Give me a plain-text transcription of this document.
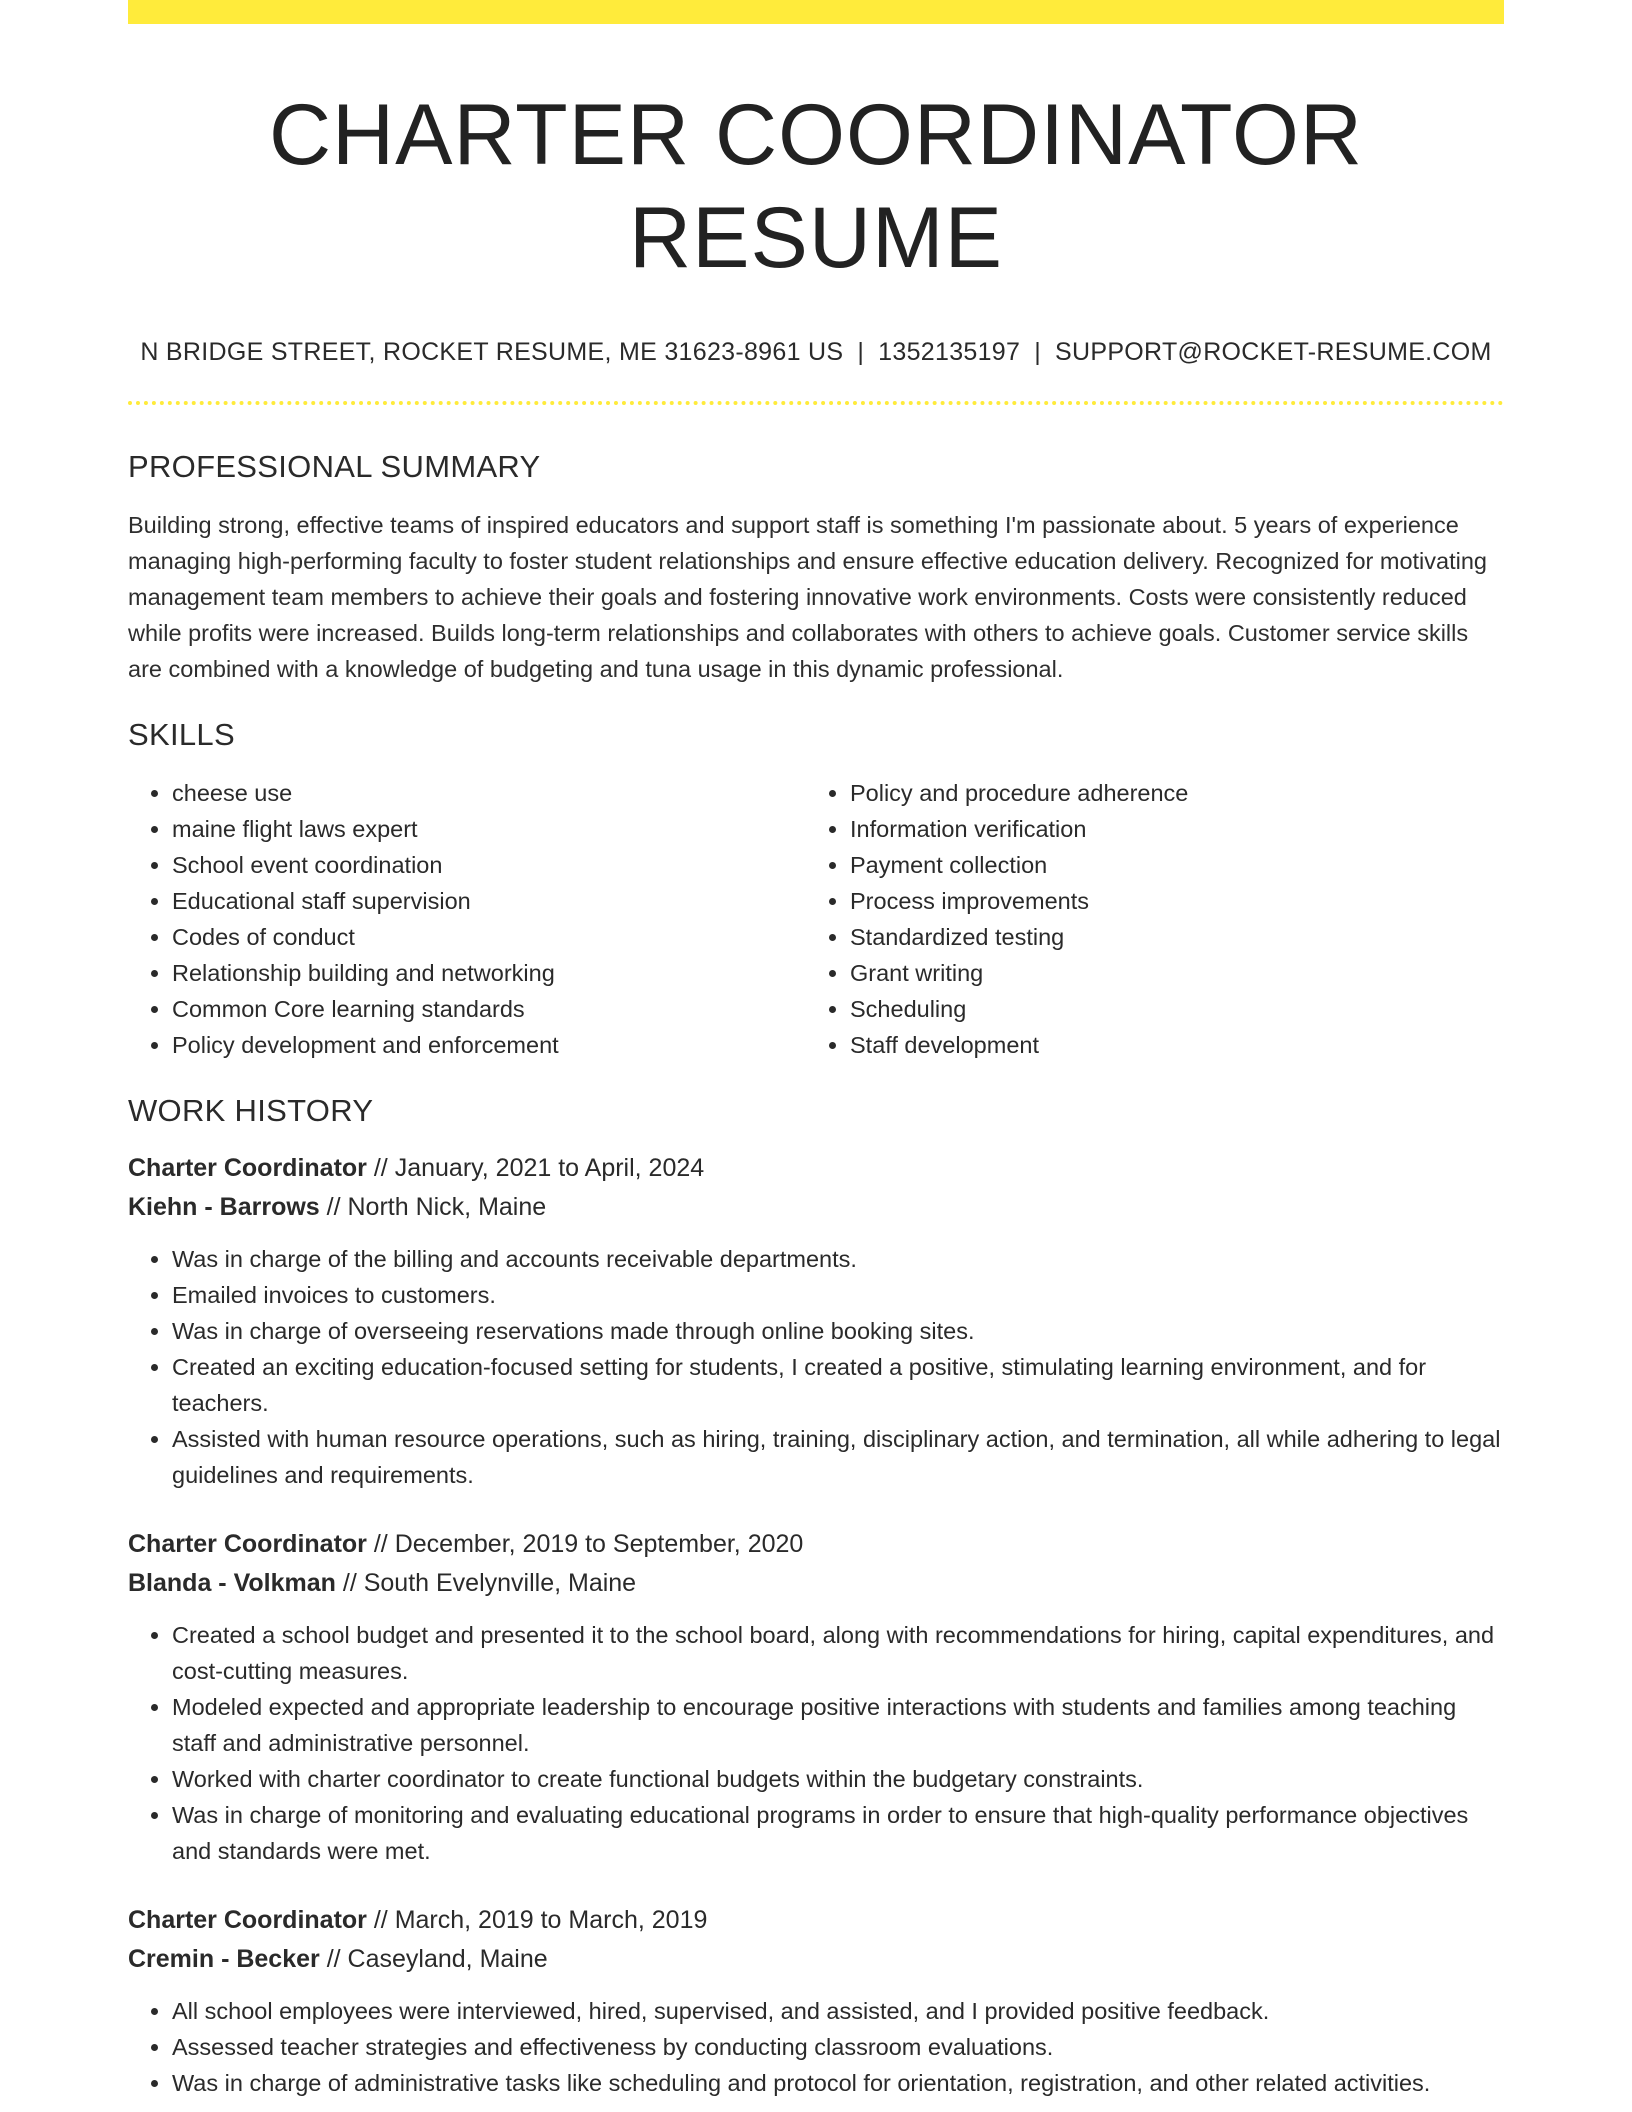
CHARTER COORDINATOR RESUME
N BRIDGE STREET, ROCKET RESUME, ME 31623-8961 US | 1352135197 | SUPPORT@ROCKET-RESUME.COM
PROFESSIONAL SUMMARY

Building strong, effective teams of inspired educators and support staff is something I'm passionate about. 5 years of experience managing high-performing faculty to foster student relationships and ensure effective education delivery. Recognized for motivating management team members to achieve their goals and fostering innovative work environments. Costs were consistently reduced while profits were increased. Builds long-term relationships and collaborates with others to achieve goals. Customer service skills are combined with a knowledge of budgeting and tuna usage in this dynamic professional.

SKILLS
• cheese use
• maine flight laws expert
• School event coordination
• Educational staff supervision
• Codes of conduct
• Relationship building and networking
• Common Core learning standards
• Policy development and enforcement
• Policy and procedure adherence
• Information verification
• Payment collection
• Process improvements
• Standardized testing
• Grant writing
• Scheduling
• Staff development
WORK HISTORY
Charter Coordinator // January, 2021 to April, 2024
Kiehn - Barrows // North Nick, Maine
• Was in charge of the billing and accounts receivable departments.
• Emailed invoices to customers.
• Was in charge of overseeing reservations made through online booking sites.
• Created an exciting education-focused setting for students, I created a positive, stimulating learning environment, and for teachers.
• Assisted with human resource operations, such as hiring, training, disciplinary action, and termination, all while adhering to legal guidelines and requirements.
Charter Coordinator // December, 2019 to September, 2020
Blanda - Volkman // South Evelynville, Maine
• Created a school budget and presented it to the school board, along with recommendations for hiring, capital expenditures, and cost-cutting measures.
• Modeled expected and appropriate leadership to encourage positive interactions with students and families among teaching staff and administrative personnel.
• Worked with charter coordinator to create functional budgets within the budgetary constraints.
• Was in charge of monitoring and evaluating educational programs in order to ensure that high-quality performance objectives and standards were met.
Charter Coordinator // March, 2019 to March, 2019
Cremin - Becker // Caseyland, Maine
• All school employees were interviewed, hired, supervised, and assisted, and I provided positive feedback.
• Assessed teacher strategies and effectiveness by conducting classroom evaluations.
• Was in charge of administrative tasks like scheduling and protocol for orientation, registration, and other related activities.
